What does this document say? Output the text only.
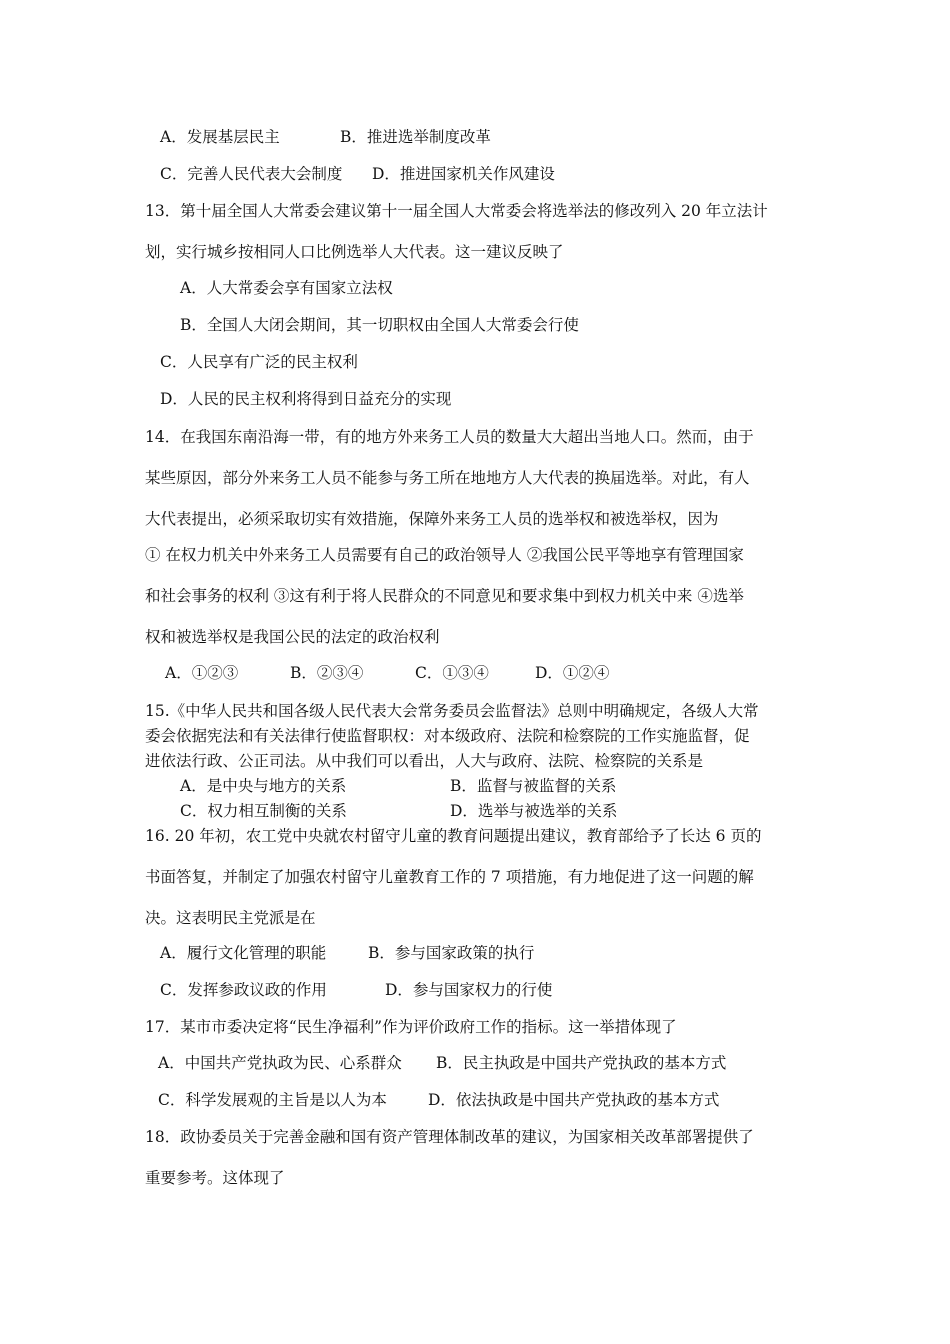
A．发展基层民主	B．推进选举制度改革
C．完善人民代表大会制度 D．推进国家机关作风建设
13．第十届全国人大常委会建议第十一届全国人大常委会将选举法的修改列入 20 年立法计
划，实行城乡按相同人口比例选举人大代表。这一建议反映了
A．人大常委会享有国家立法权
B．全国人大闭会期间，其一切职权由全国人大常委会行使
C．人民享有广泛的民主权利
D．人民的民主权利将得到日益充分的实现
14．在我国东南沿海一带，有的地方外来务工人员的数量大大超出当地人口。然而，由于
某些原因，部分外来务工人员不能参与务工所在地地方人大代表的换届选举。对此，有人
大代表提出，必须采取切实有效措施，保障外来务工人员的选举权和被选举权，因为
① 在权力机关中外来务工人员需要有自己的政治领导人 ②我国公民平等地享有管理国家
和社会事务的权利 ③这有利于将人民群众的不同意见和要求集中到权力机关中来 ④选举
权和被选举权是我国公民的法定的政治权利
A．①②③	B．②③④	C．①③④	D．①②④
15.《中华人民共和国各级人民代表大会常务委员会监督法》总则中明确规定，各级人大常
委会依据宪法和有关法律行使监督职权：对本级政府、法院和检察院的工作实施监督，促
进依法行政、公正司法。从中我们可以看出，人大与政府、法院、检察院的关系是
A．是中央与地方的关系	B．监督与被监督的关系
C．权力相互制衡的关系	D．选举与被选举的关系
16. 20 年初，农工党中央就农村留守儿童的教育问题提出建议，教育部给予了长达 6 页的
书面答复，并制定了加强农村留守儿童教育工作的 7 项措施，有力地促进了这一问题的解
决。这表明民主党派是在
A．履行文化管理的职能	B．参与国家政策的执行
C．发挥参政议政的作用	D．参与国家权力的行使
17．某市市委决定将“民生净福利”作为评价政府工作的指标。这一举措体现了
A．中国共产党执政为民、心系群众 B．民主执政是中国共产党执政的基本方式
C．科学发展观的主旨是以人为本	D．依法执政是中国共产党执政的基本方式
18．政协委员关于完善金融和国有资产管理体制改革的建议，为国家相关改革部署提供了
重要参考。这体现了
